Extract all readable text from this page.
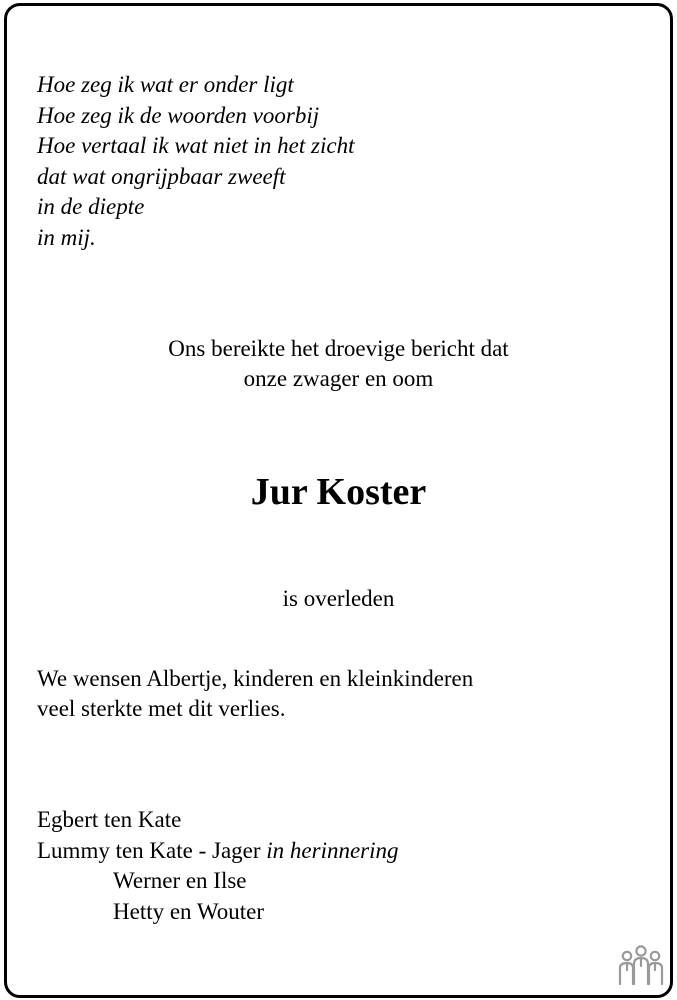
Hoe zeg ik wat er onder ligt
Hoe zeg ik de woorden voorbij
Hoe vertaal ik wat niet in het zicht
dat wat ongrijpbaar zweeft
in de diepte
in mij.
Ons bereikte het droevige bericht dat
onze zwager en oom
Jur Koster
is overleden
We wensen Albertje, kinderen en kleinkinderen
veel sterkte met dit verlies.
Egbert ten Kate
Lummy ten Kate - Jager in herinnering
Werner en Ilse
Hetty en Wouter
